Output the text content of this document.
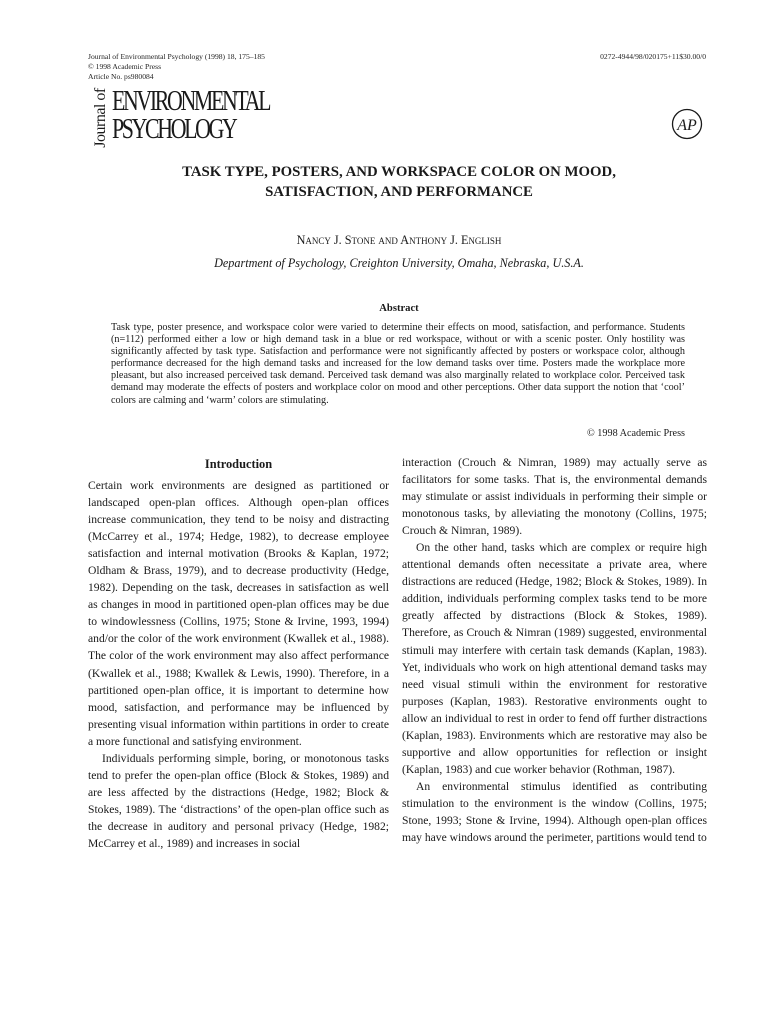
Journal of Environmental Psychology (1998) 18, 175–185
© 1998 Academic Press
Article No. ps980084
0272-4944/98/020175+11$30.00/0
Journal of ENVIRONMENTAL
PSYCHOLOGY	AP
TASK TYPE, POSTERS, AND WORKSPACE COLOR ON MOOD,
SATISFACTION, AND PERFORMANCE
Nancy J. Stone and Anthony J. English
Department of Psychology, Creighton University, Omaha, Nebraska, U.S.A.
Abstract

Task type, poster presence, and workspace color were varied to determine their effects on mood, satisfaction, and performance. Students (n=112) performed either a low or high demand task in a blue or red workspace, without or with a scenic poster. Only hostility was significantly affected by task type. Satisfaction and performance were not significantly affected by posters or workspace color, although performance decreased for the high demand tasks and increased for the low demand tasks over time. Posters made the workplace more pleasant, but also increased perceived task demand. Perceived task demand was also marginally related to workplace color. Perceived task demand may moderate the effects of posters and workplace color on mood and other perceptions. Other data support the notion that ‘cool’ colors are calming and ‘warm’ colors are stimulating.

© 1998 Academic Press
Introduction

Certain work environments are designed as partitioned or landscaped open-plan offices. Although open-plan offices increase communication, they tend to be noisy and distracting (McCarrey et al., 1974; Hedge, 1982), to decrease employee satisfaction and internal motivation (Brooks & Kaplan, 1972; Oldham & Brass, 1979), and to decrease productivity (Hedge, 1982). Depending on the task, decreases in satisfaction as well as changes in mood in partitioned open-plan offices may be due to windowlessness (Collins, 1975; Stone & Irvine, 1993, 1994) and/or the color of the work environment (Kwallek et al., 1988). The color of the work environment may also affect performance (Kwallek et al., 1988; Kwallek & Lewis, 1990). Therefore, in a partitioned open-plan office, it is important to determine how mood, satisfaction, and performance may be influenced by presenting visual information within partitions in order to create a more functional and satisfying environment.

Individuals performing simple, boring, or monotonous tasks tend to prefer the open-plan office (Block & Stokes, 1989) and are less affected by the distractions (Hedge, 1982; Block & Stokes, 1989). The ‘distractions’ of the open-plan office such as the decrease in auditory and personal privacy (Hedge, 1982; McCarrey et al., 1989) and increases in social

interaction (Crouch & Nimran, 1989) may actually serve as facilitators for some tasks. That is, the environmental demands may stimulate or assist individuals in performing their simple or monotonous tasks, by alleviating the monotony (Collins, 1975; Crouch & Nimran, 1989).

On the other hand, tasks which are complex or require high attentional demands often necessitate a private area, where distractions are reduced (Hedge, 1982; Block & Stokes, 1989). In addition, individuals performing complex tasks tend to be more greatly affected by distractions (Block & Stokes, 1989). Therefore, as Crouch & Nimran (1989) suggested, environmental stimuli may interfere with certain task demands (Kaplan, 1983). Yet, individuals who work on high attentional demand tasks may need visual stimuli within the environment for restorative purposes (Kaplan, 1983). Restorative environments ought to allow an individual to rest in order to fend off further distractions (Kaplan, 1983). Environments which are restorative may also be supportive and allow opportunities for reflection or insight (Kaplan, 1983) and cue worker behavior (Rothman, 1987).

An environmental stimulus identified as contributing stimulation to the environment is the window (Collins, 1975; Stone, 1993; Stone & Irvine, 1994). Although open-plan offices may have windows around the perimeter, partitions would tend to
